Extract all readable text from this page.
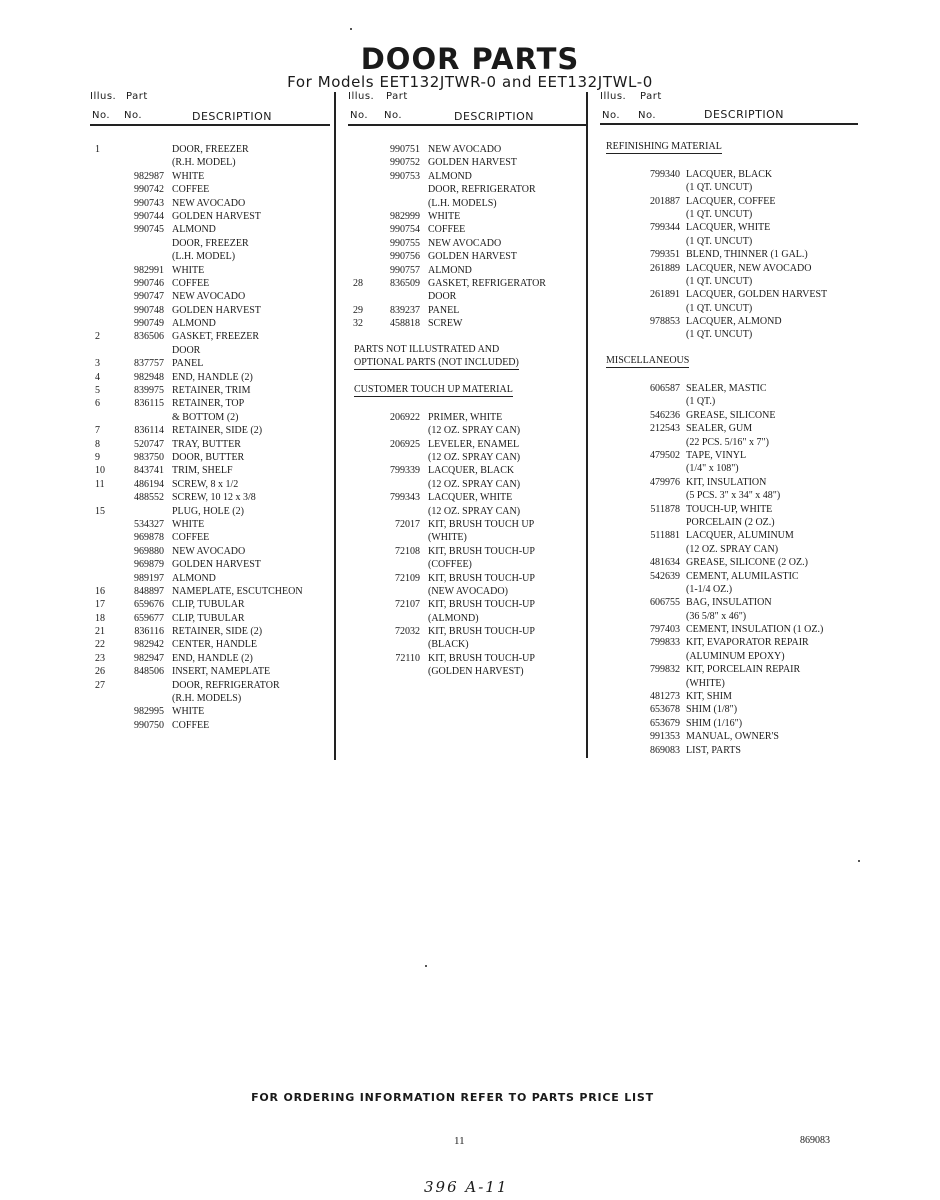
DOOR PARTS
For Models EET132JTWR-0 and EET132JTWL-0
Illus. Part
No. No.	DESCRIPTION
1	DOOR, FREEZER
(R.H. MODEL)
982987 WHITE
990742 COFFEE
990743 NEW AVOCADO
990744 GOLDEN HARVEST
990745 ALMOND
DOOR, FREEZER
(L.H. MODEL)
982991 WHITE
990746 COFFEE
990747 NEW AVOCADO
990748 GOLDEN HARVEST
990749 ALMOND
2	836506 GASKET, FREEZER
DOOR
3	837757 PANEL
4	982948 END, HANDLE (2)
5	839975 RETAINER, TRIM
6	836115 RETAINER, TOP
& BOTTOM (2)
7	836114 RETAINER, SIDE (2)
8	520747 TRAY, BUTTER
9	983750 DOOR, BUTTER
10	843741 TRIM, SHELF
11	486194 SCREW, 8 x 1/2
488552 SCREW, 10 12 x 3/8
15	PLUG, HOLE (2)
534327 WHITE
969878 COFFEE
969880 NEW AVOCADO
969879 GOLDEN HARVEST
989197 ALMOND
16	848897 NAMEPLATE, ESCUTCHEON
17	659676 CLIP, TUBULAR
18	659677 CLIP, TUBULAR
21	836116 RETAINER, SIDE (2)
22	982942 CENTER, HANDLE
23	982947 END, HANDLE (2)
26	848506 INSERT, NAMEPLATE
27	DOOR, REFRIGERATOR
(R.H. MODELS)
982995 WHITE
990750 COFFEE
Illus. Part
No. No.	DESCRIPTION
990751 NEW AVOCADO
990752 GOLDEN HARVEST
990753 ALMOND
DOOR, REFRIGERATOR
(L.H. MODELS)
982999 WHITE
990754 COFFEE
990755 NEW AVOCADO
990756 GOLDEN HARVEST
990757 ALMOND
28	836509 GASKET, REFRIGERATOR
DOOR
29	839237 PANEL
32	458818 SCREW
PARTS NOT ILLUSTRATED AND
OPTIONAL PARTS (NOT INCLUDED)
CUSTOMER TOUCH UP MATERIAL
206922 PRIMER, WHITE
(12 OZ. SPRAY CAN)
206925 LEVELER, ENAMEL
(12 OZ. SPRAY CAN)
799339 LACQUER, BLACK
(12 OZ. SPRAY CAN)
799343 LACQUER, WHITE
(12 OZ. SPRAY CAN)
72017 KIT, BRUSH TOUCH UP
(WHITE)
72108 KIT, BRUSH TOUCH-UP
(COFFEE)
72109 KIT, BRUSH TOUCH-UP
(NEW AVOCADO)
72107 KIT, BRUSH TOUCH-UP
(ALMOND)
72032 KIT, BRUSH TOUCH-UP
(BLACK)
72110 KIT, BRUSH TOUCH-UP
(GOLDEN HARVEST)
Illus. Part
No. No.	DESCRIPTION
REFINISHING MATERIAL
799340 LACQUER, BLACK
(1 QT. UNCUT)
201887 LACQUER, COFFEE
(1 QT. UNCUT)
799344 LACQUER, WHITE
(1 QT. UNCUT)
799351 BLEND, THINNER (1 GAL.)
261889 LACQUER, NEW AVOCADO
(1 QT. UNCUT)
261891 LACQUER, GOLDEN HARVEST
(1 QT. UNCUT)
978853 LACQUER, ALMOND
(1 QT. UNCUT)
MISCELLANEOUS
606587 SEALER, MASTIC
(1 QT.)
546236 GREASE, SILICONE
212543 SEALER, GUM
(22 PCS. 5/16" x 7")
479502 TAPE, VINYL
(1/4" x 108")
479976 KIT, INSULATION
(5 PCS. 3" x 34" x 48")
511878 TOUCH-UP, WHITE
PORCELAIN (2 OZ.)
511881 LACQUER, ALUMINUM
(12 OZ. SPRAY CAN)
481634 GREASE, SILICONE (2 OZ.)
542639 CEMENT, ALUMILASTIC
(1-1/4 OZ.)
606755 BAG, INSULATION
(36 5/8" x 46")
797403 CEMENT, INSULATION (1 OZ.)
799833 KIT, EVAPORATOR REPAIR
(ALUMINUM EPOXY)
799832 KIT, PORCELAIN REPAIR
(WHITE)
481273 KIT, SHIM
653678 SHIM (1/8")
653679 SHIM (1/16")
991353 MANUAL, OWNER'S
869083 LIST, PARTS
FOR ORDERING INFORMATION REFER TO PARTS PRICE LIST
11	869083
396 A-11
